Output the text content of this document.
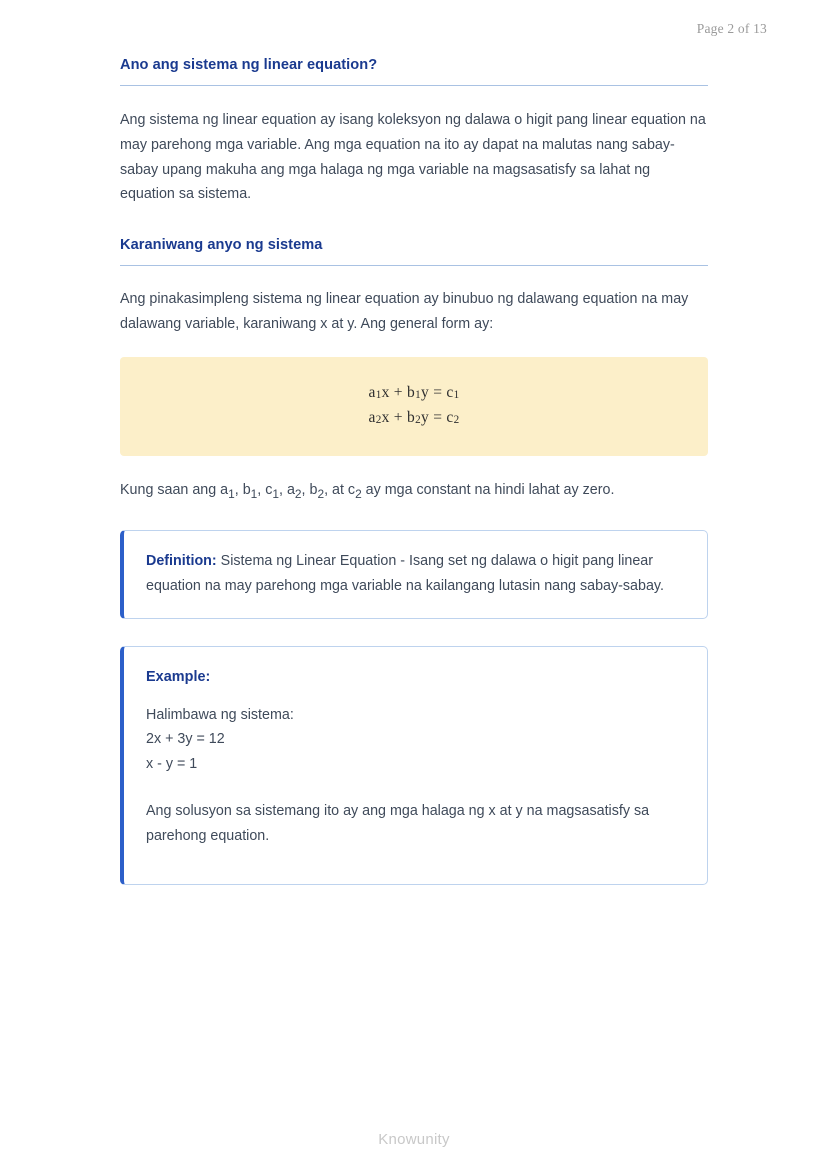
Page 2 of 13
Ano ang sistema ng linear equation?

Ang sistema ng linear equation ay isang koleksyon ng dalawa o higit pang linear equation na may parehong mga variable. Ang mga equation na ito ay dapat na malutas nang sabay-sabay upang makuha ang mga halaga ng mga variable na magsasatisfy sa lahat ng equation sa sistema.

Karaniwang anyo ng sistema

Ang pinakasimpleng sistema ng linear equation ay binubuo ng dalawang equation na may dalawang variable, karaniwang x at y. Ang general form ay:

$a_1x + b_1y = c_1$
$a_2x + b_2y = c_2$

Kung saan ang $a_1$, $b_1$, $c_1$, $a_2$, $b_2$, at $c_2$ ay mga constant na hindi lahat ay zero.

Definition: Sistema ng Linear Equation - Isang set ng dalawa o higit pang linear equation na may parehong mga variable na kailangang lutasin nang sabay-sabay.

Example:

Halimbawa ng sistema:

2x + 3y = 12

x - y = 1

Ang solusyon sa sistemang ito ay ang mga halaga ng x at y na magsasatisfy sa parehong equation.

Knowunity
